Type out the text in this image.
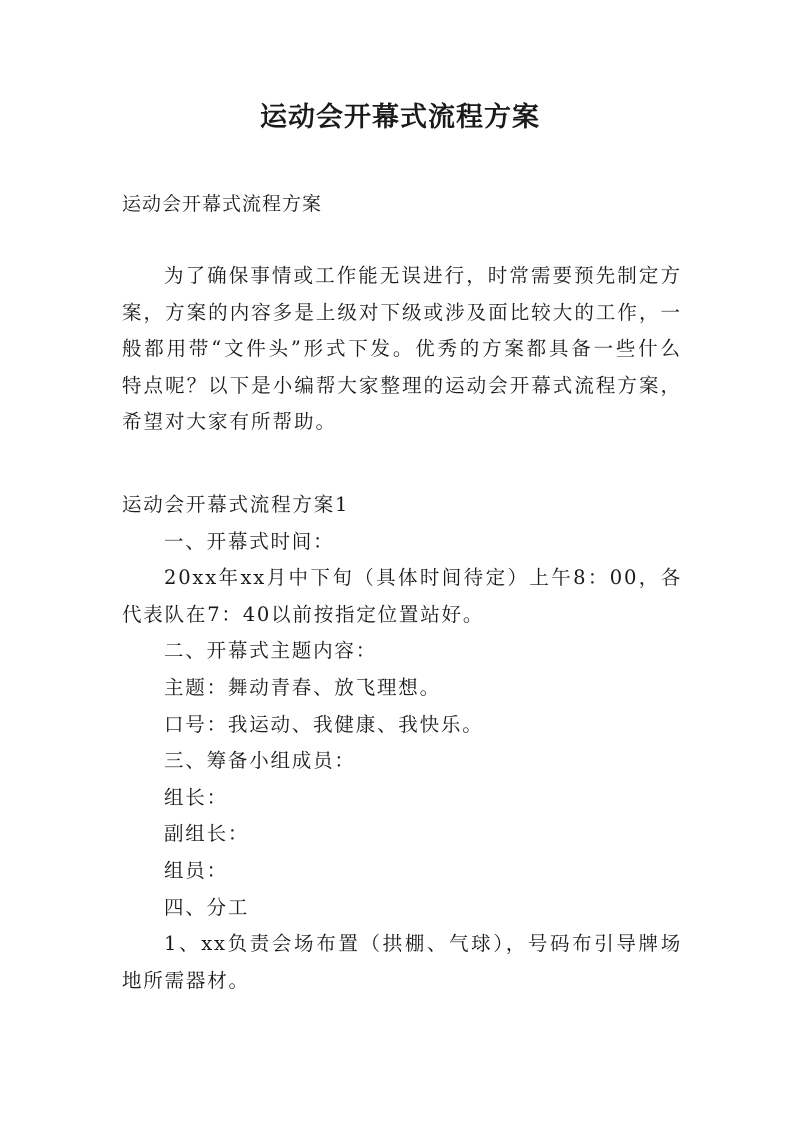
运动会开幕式流程方案
运动会开幕式流程方案

为了确保事情或工作能无误进行，时常需要预先制定方案，方案的内容多是上级对下级或涉及面比较大的工作，一般都用带“文件头”形式下发。优秀的方案都具备一些什么特点呢？以下是小编帮大家整理的运动会开幕式流程方案，希望对大家有所帮助。

运动会开幕式流程方案1

一、开幕式时间：

20xx年xx月中下旬（具体时间待定）上午8：00，各代表队在7：40以前按指定位置站好。

二、开幕式主题内容：

主题：舞动青春、放飞理想。

口号：我运动、我健康、我快乐。

三、筹备小组成员：

组长：

副组长：

组员：

四、分工

1、xx负责会场布置（拱棚、气球），号码布引导牌场地所需器材。
